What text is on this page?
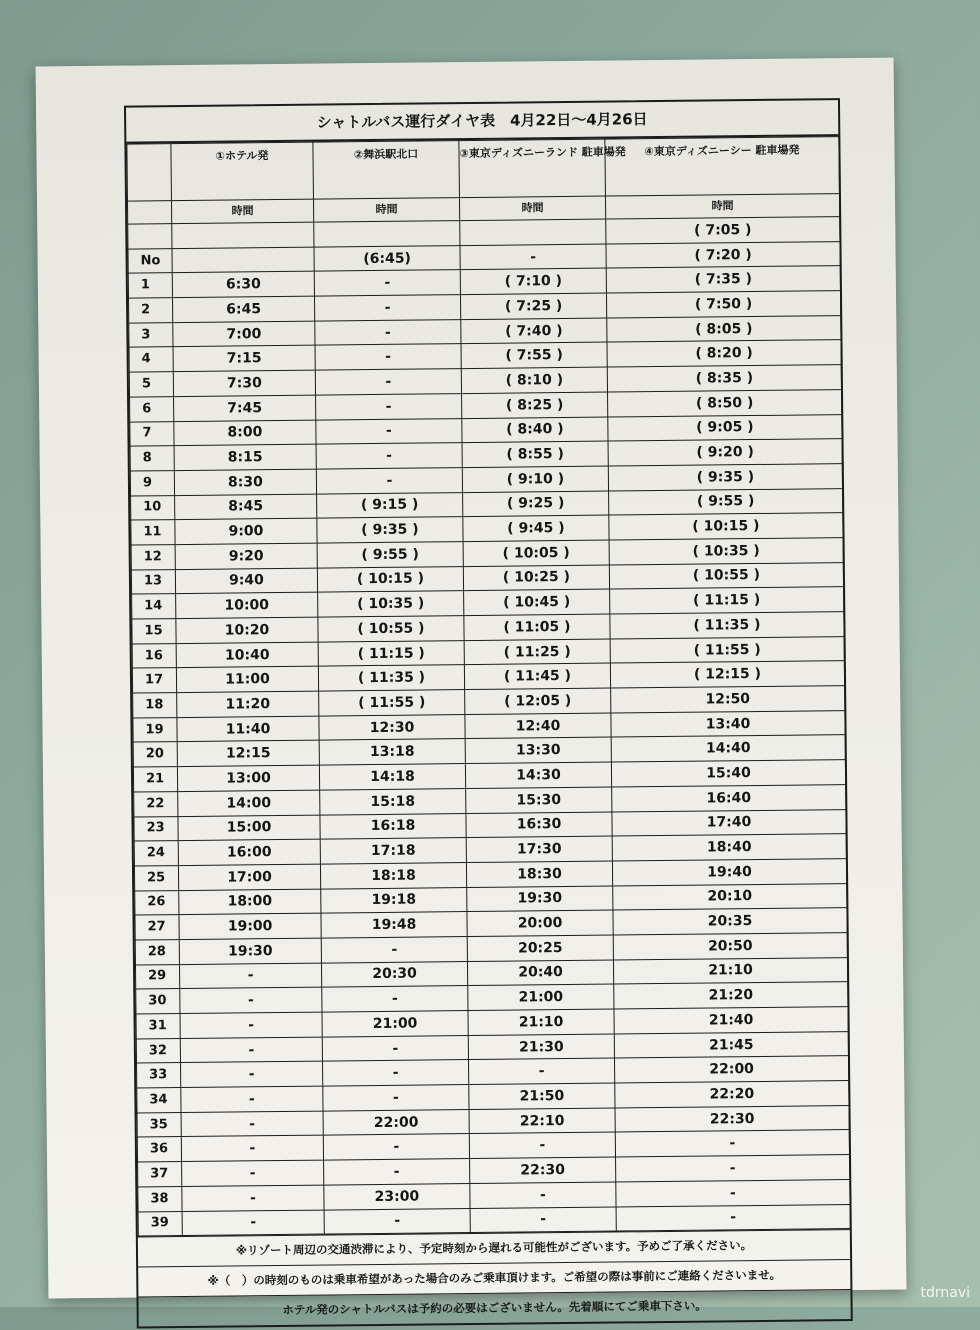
シャトルバス運行ダイヤ表　4月22日～4月26日
	①ホテル発	②舞浜駅北口	③東京ディズニーランド 駐車場発	④東京ディズニーシー 駐車場発
	時間	時間	時間	時間
				( 7:05 )
No		(6:45)	-	( 7:20 )
1	6:30	-	( 7:10 )	( 7:35 )
2	6:45	-	( 7:25 )	( 7:50 )
3	7:00	-	( 7:40 )	( 8:05 )
4	7:15	-	( 7:55 )	( 8:20 )
5	7:30	-	( 8:10 )	( 8:35 )
6	7:45	-	( 8:25 )	( 8:50 )
7	8:00	-	( 8:40 )	( 9:05 )
8	8:15	-	( 8:55 )	( 9:20 )
9	8:30	-	( 9:10 )	( 9:35 )
10	8:45	( 9:15 )	( 9:25 )	( 9:55 )
11	9:00	( 9:35 )	( 9:45 )	( 10:15 )
12	9:20	( 9:55 )	( 10:05 )	( 10:35 )
13	9:40	( 10:15 )	( 10:25 )	( 10:55 )
14	10:00	( 10:35 )	( 10:45 )	( 11:15 )
15	10:20	( 10:55 )	( 11:05 )	( 11:35 )
16	10:40	( 11:15 )	( 11:25 )	( 11:55 )
17	11:00	( 11:35 )	( 11:45 )	( 12:15 )
18	11:20	( 11:55 )	( 12:05 )	12:50
19	11:40	12:30	12:40	13:40
20	12:15	13:18	13:30	14:40
21	13:00	14:18	14:30	15:40
22	14:00	15:18	15:30	16:40
23	15:00	16:18	16:30	17:40
24	16:00	17:18	17:30	18:40
25	17:00	18:18	18:30	19:40
26	18:00	19:18	19:30	20:10
27	19:00	19:48	20:00	20:35
28	19:30	-	20:25	20:50
29	-	20:30	20:40	21:10
30	-	-	21:00	21:20
31	-	21:00	21:10	21:40
32	-	-	21:30	21:45
33	-	-	-	22:00
34	-	-	21:50	22:20
35	-	22:00	22:10	22:30
36	-	-	-	-
37	-	-	22:30	-
38	-	23:00	-	-
39	-	-	-	-
※リゾート周辺の交通渋滞により、予定時刻から遅れる可能性がございます。予めご了承ください。
※（　）の時刻のものは乗車希望があった場合のみご乗車頂けます。ご希望の際は事前にご連絡くださいませ。
ホテル発のシャトルバスは予約の必要はございません。先着順にてご乗車下さい。
tdrnavi
